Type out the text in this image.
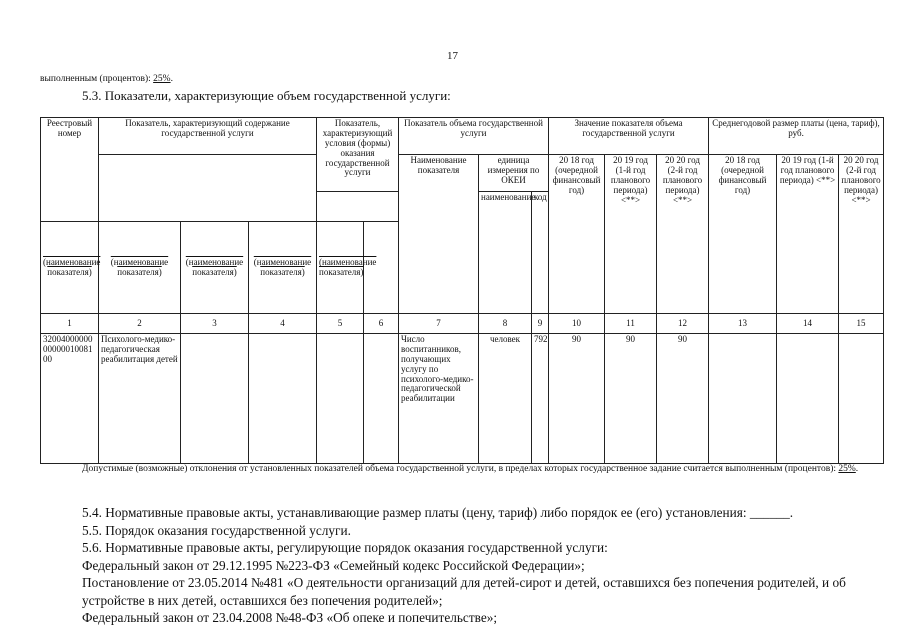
17
выполненным (процентов): 25%.
5.3. Показатели, характеризующие объем государственной услуги:
Реестровый номер	Показатель, характеризующий содержание государственной услуги			Показатель, характеризующий условия (формы) оказания государственной услуги		Показатель объема государственной услуги			Значение показателя объема государственной услуги			Среднегодовой размер платы (цена, тариф), руб.		
						Наименование показателя	единица измерения по ОКЕИ		20 18 год (очередной финансовый год)	20 19 год (1-й год планового периода) <**>	20 20 год (2-й год планового периода) <**>	20 18 год (очередной финансовый год)	20 19 год (1-й год планового периода) <**>	20 20 год (2-й год планового периода) <**>
							наименование	код						
(наименование показателя)	(наименование показателя)	(наименование показателя)	(наименование показателя)	(наименование показателя)										
1	2	3	4	5	6	7	8	9	10	11	12	13	14	15
320040000000000001008100	Психолого-медико-педагогическая реабилитация детей					Число воспитанников, получающих услугу по психолого-медико-педагогической реабилитации	человек	792	90	90	90			
Допустимые (возможные) отклонения от установленных показателей объема государственной услуги, в пределах которых государственное задание считается выполненным (процентов): 25%.

5.4. Нормативные правовые акты, устанавливающие размер платы (цену, тариф) либо порядок ее (его) установления: ______.

5.5. Порядок оказания государственной услуги.

5.6. Нормативные правовые акты, регулирующие порядок оказания государственной услуги:

Федеральный закон от 29.12.1995 №223-ФЗ «Семейный кодекс Российской Федерации»;

Постановление от 23.05.2014 №481 «О деятельности организаций для детей-сирот и детей, оставшихся без попечения родителей, и об устройстве в них детей, оставшихся без попечения родителей»;

Федеральный закон от 23.04.2008 №48-ФЗ «Об опеке и попечительстве»;
